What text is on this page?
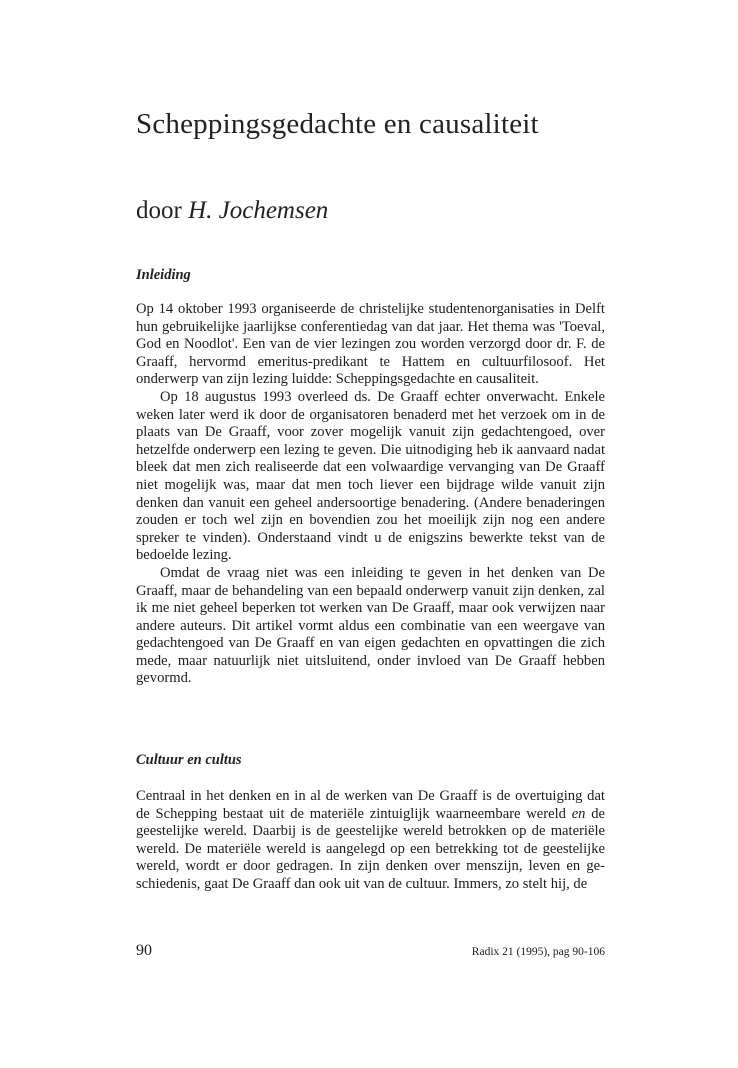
Scheppingsgedachte en causaliteit
door H. Jochemsen
Inleiding

Op 14 oktober 1993 organiseerde de christelijke studentenorganisaties in Delft hun gebruikelijke jaarlijkse conferentiedag van dat jaar. Het thema was 'Toeval, God en Noodlot'. Een van de vier lezingen zou worden verzorgd door dr. F. de Graaff, hervormd emeritus-predikant te Hattem en cultuurfilosoof. Het onderwerp van zijn lezing luidde: Scheppingsgedachte en causaliteit.

Op 18 augustus 1993 overleed ds. De Graaff echter onverwacht. Enkele weken later werd ik door de organisatoren benaderd met het verzoek om in de plaats van De Graaff, voor zover mogelijk vanuit zijn gedachtengoed, over hetzelfde onderwerp een lezing te geven. Die uitnodiging heb ik aanvaard nadat bleek dat men zich realiseerde dat een volwaardige vervanging van De Graaff niet mogelijk was, maar dat men toch liever een bijdrage wilde vanuit zijn denken dan vanuit een geheel andersoortige benadering. (Andere benaderingen zouden er toch wel zijn en bovendien zou het moeilijk zijn nog een andere spreker te vinden). Onderstaand vindt u de enigszins bewerkte tekst van de bedoelde lezing.

Omdat de vraag niet was een inleiding te geven in het denken van De Graaff, maar de behandeling van een bepaald onderwerp vanuit zijn denken, zal ik me niet geheel beperken tot werken van De Graaff, maar ook verwijzen naar andere auteurs. Dit artikel vormt aldus een combinatie van een weergave van gedachtengoed van De Graaff en van eigen gedachten en opvattingen die zich mede, maar natuurlijk niet uitsluitend, onder invloed van De Graaff hebben gevormd.

Cultuur en cultus

Centraal in het denken en in al de werken van De Graaff is de overtuiging dat de Schepping bestaat uit de materiële zintuiglijk waarneembare wereld en de geestelijke wereld. Daarbij is de geestelijke wereld betrokken op de materiële wereld. De materiële wereld is aangelegd op een betrekking tot de geestelijke wereld, wordt er door gedragen. In zijn denken over menszijn, leven en ge-schiedenis, gaat De Graaff dan ook uit van de cultuur. Immers, zo stelt hij, de

90	Radix 21 (1995), pag 90-106
